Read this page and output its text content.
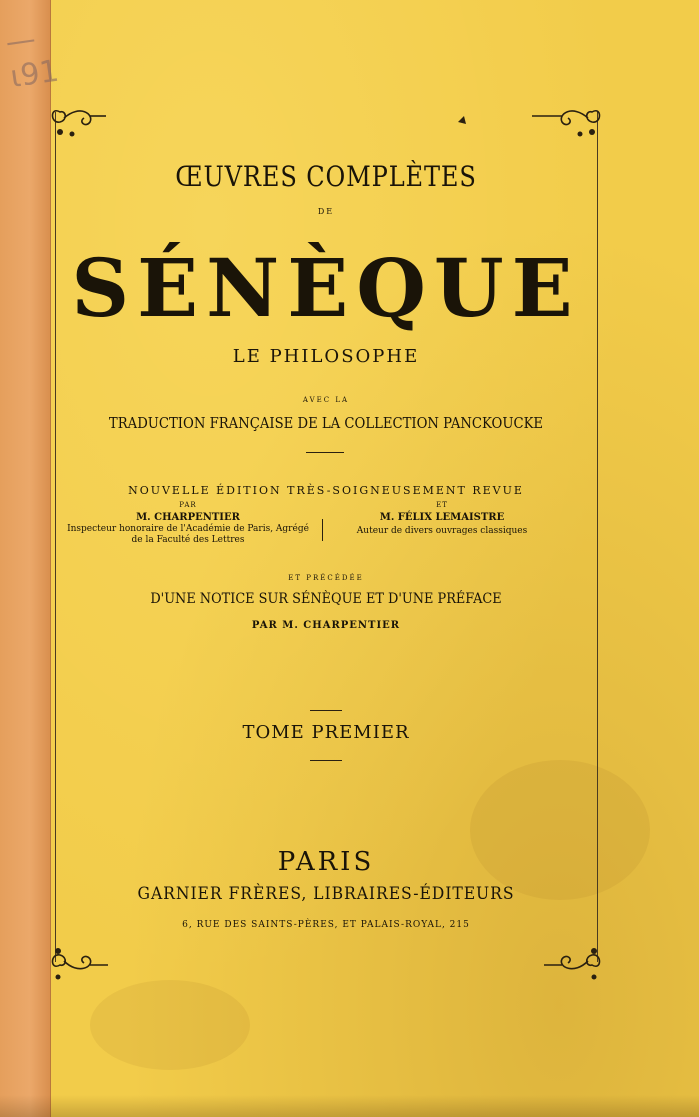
—ɩ91

ŒUVRES COMPLÈTES

DE

SÉNÈQUE

LE PHILOSOPHE

AVEC LA

TRADUCTION FRANÇAISE DE LA COLLECTION PANCKOUCKE

NOUVELLE ÉDITION TRÈS-SOIGNEUSEMENT REVUE

PAR
M. CHARPENTIER
Inspecteur honoraire de l'Académie de Paris, Agrégé
de la Faculté des Lettres
ET
M. FÉLIX LEMAISTRE
Auteur de divers ouvrages classiques

ET PRÉCÉDÉE

D'UNE NOTICE SUR SÉNÈQUE ET D'UNE PRÉFACE

PAR M. CHARPENTIER

TOME PREMIER

PARIS

GARNIER FRÈRES, LIBRAIRES-ÉDITEURS

6, RUE DES SAINTS-PÈRES, ET PALAIS-ROYAL, 215
